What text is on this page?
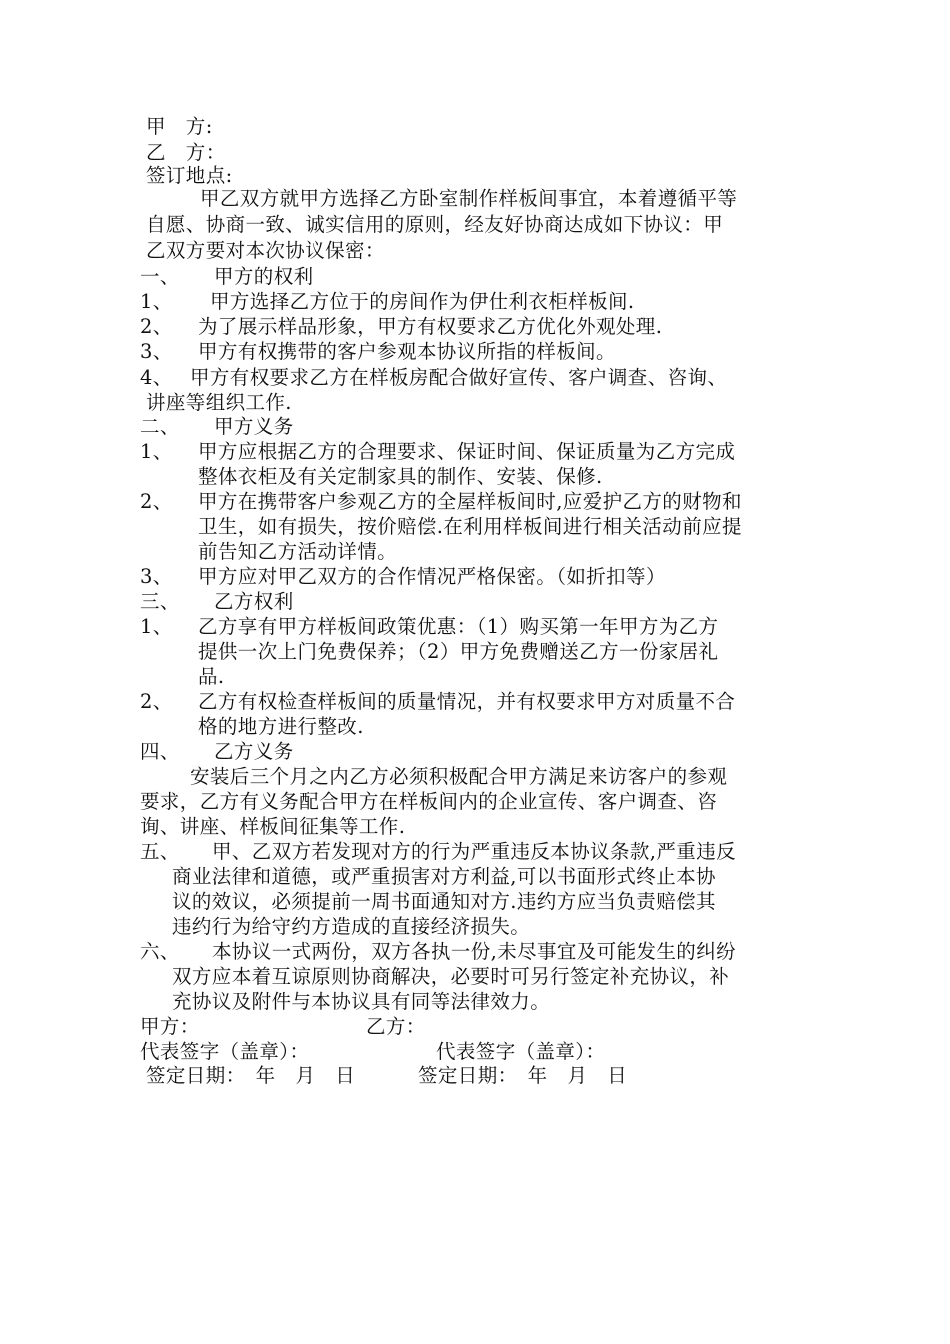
甲　方:
乙　方：
签订地点:
甲乙双方就甲方选择乙方卧室制作样板间事宜，本着遵循平等
自愿、协商一致、诚实信用的原则，经友好协商达成如下协议：甲
乙双方要对本次协议保密：
一、 甲方的权利
1、 甲方选择乙方位于的房间作为伊仕利衣柜样板间.
2、 为了展示样品形象，甲方有权要求乙方优化外观处理.
3、 甲方有权携带的客户参观本协议所指的样板间。
4、 甲方有权要求乙方在样板房配合做好宣传、客户调查、咨询、
讲座等组织工作.
二、 甲方义务
1、 甲方应根据乙方的合理要求、保证时间、保证质量为乙方完成
整体衣柜及有关定制家具的制作、安装、保修.
2、 甲方在携带客户参观乙方的全屋样板间时,应爱护乙方的财物和
卫生，如有损失，按价赔偿.在利用样板间进行相关活动前应提
前告知乙方活动详情。
3、 甲方应对甲乙双方的合作情况严格保密。（如折扣等）
三、 乙方权利
1、 乙方享有甲方样板间政策优惠：（1）购买第一年甲方为乙方
提供一次上门免费保养；（2）甲方免费赠送乙方一份家居礼
品.
2、 乙方有权检查样板间的质量情况，并有权要求甲方对质量不合
格的地方进行整改.
四、 乙方义务
安装后三个月之内乙方必须积极配合甲方满足来访客户的参观
要求，乙方有义务配合甲方在样板间内的企业宣传、客户调查、咨
询、讲座、样板间征集等工作.
五、 甲、乙双方若发现对方的行为严重违反本协议条款,严重违反
商业法律和道德，或严重损害对方利益,可以书面形式终止本协
议的效议，必须提前一周书面通知对方.违约方应当负责赔偿其
违约行为给守约方造成的直接经济损失。
六、 本协议一式两份，双方各执一份,未尽事宜及可能发生的纠纷
双方应本着互谅原则协商解决，必要时可另行签定补充协议，补
充协议及附件与本协议具有同等法律效力。
甲方：	乙方：
代表签字（盖章）：	代表签字（盖章）：
签定日期：　年　月　日	签定日期：　年　月　日
